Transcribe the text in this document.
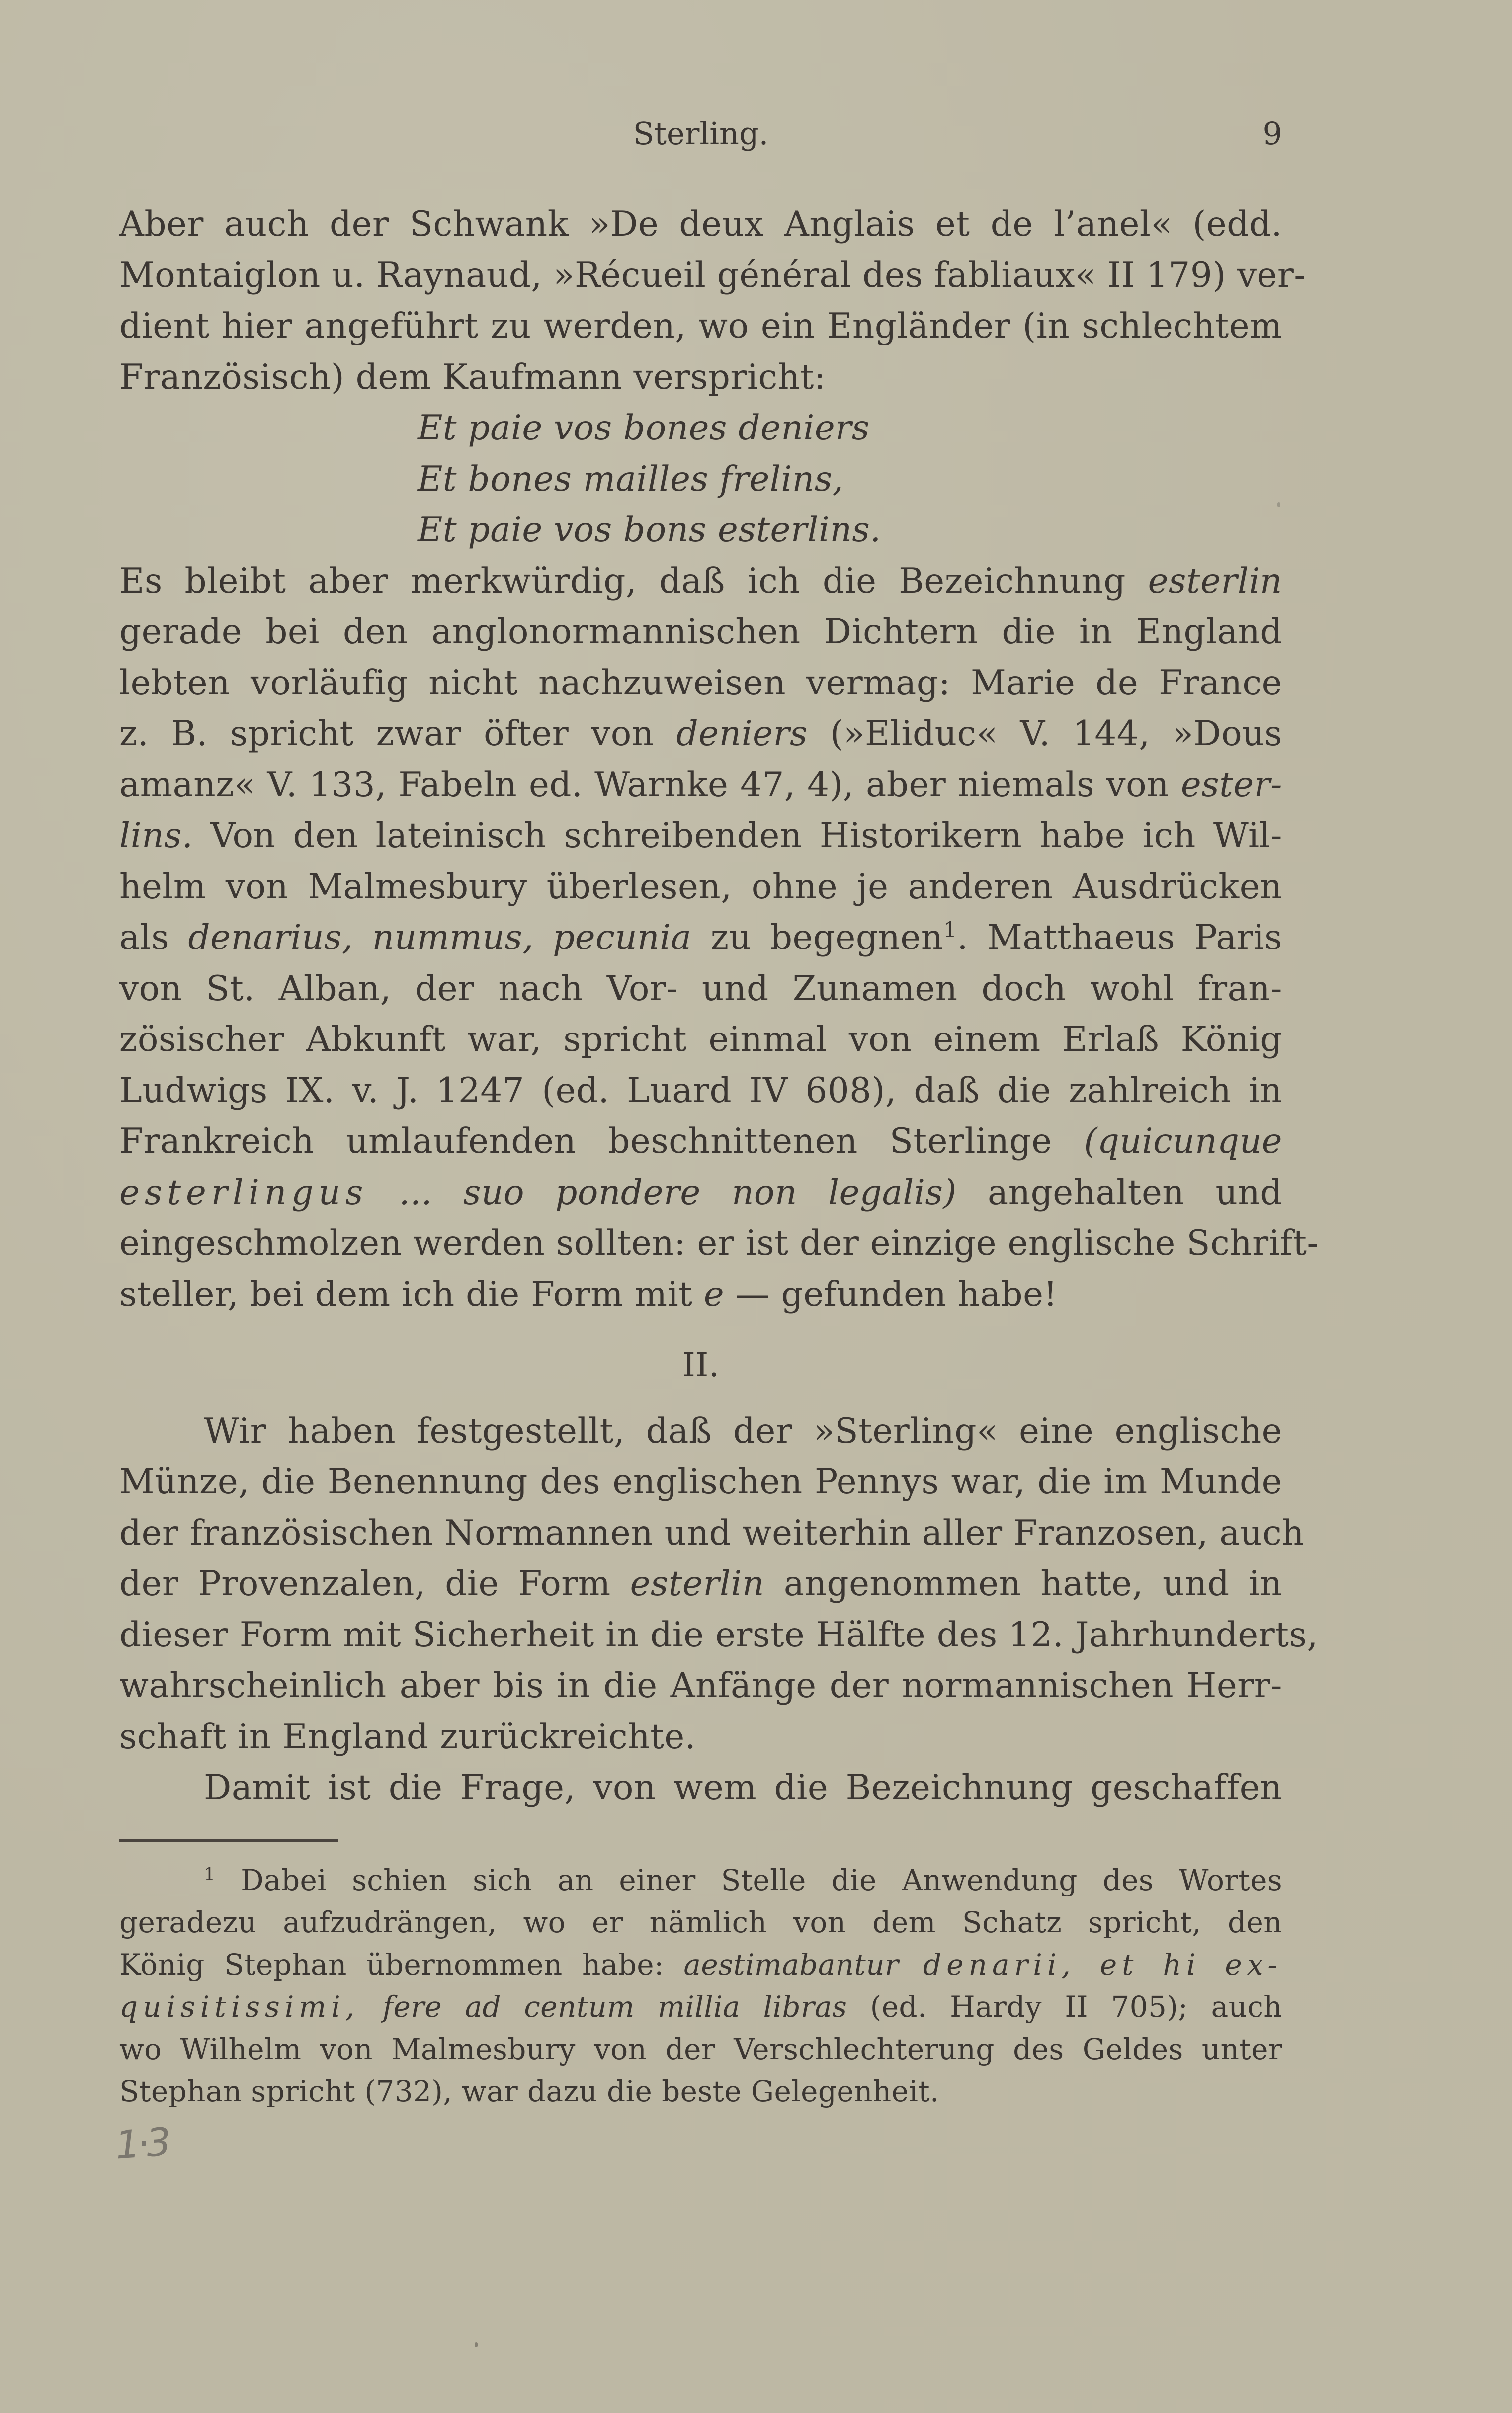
Sterling.	9
Aber auch der Schwank »De deux Anglais et de l’anel« (edd.
Montaiglon u. Raynaud, »Récueil général des fabliaux« II 179) ver-
dient hier angeführt zu werden, wo ein Engländer (in schlechtem
Französisch) dem Kaufmann verspricht:
Et paie vos bones deniers
Et bones mailles frelins,
Et paie vos bons esterlins.
Es bleibt aber merkwürdig, daß ich die Bezeichnung esterlin
gerade bei den anglonormannischen Dichtern die in England
lebten vorläufig nicht nachzuweisen vermag: Marie de France
z. B. spricht zwar öfter von deniers (»Eliduc« V. 144, »Dous
amanz« V. 133, Fabeln ed. Warnke 47, 4), aber niemals von ester-
lins. Von den lateinisch schreibenden Historikern habe ich Wil-
helm von Malmesbury überlesen, ohne je anderen Ausdrücken
als denarius, nummus, pecunia zu begegnen$^1$. Matthaeus Paris
von St. Alban, der nach Vor- und Zunamen doch wohl fran-
zösischer Abkunft war, spricht einmal von einem Erlaß König
Ludwigs IX. v. J. 1247 (ed. Luard IV 608), daß die zahlreich in
Frankreich umlaufenden beschnittenen Sterlinge (quicunque
esterlingus ... suo pondere non legalis) angehalten und
eingeschmolzen werden sollten: er ist der einzige englische Schrift-
steller, bei dem ich die Form mit e — gefunden habe!
II.
Wir haben festgestellt, daß der »Sterling« eine englische
Münze, die Benennung des englischen Pennys war, die im Munde
der französischen Normannen und weiterhin aller Franzosen, auch
der Provenzalen, die Form esterlin angenommen hatte, und in
dieser Form mit Sicherheit in die erste Hälfte des 12. Jahrhunderts,
wahrscheinlich aber bis in die Anfänge der normannischen Herr-
schaft in England zurückreichte.
Damit ist die Frage, von wem die Bezeichnung geschaffen
$^1$ Dabei schien sich an einer Stelle die Anwendung des Wortes
geradezu aufzudrängen, wo er nämlich von dem Schatz spricht, den
König Stephan übernommen habe: aestimabantur denarii, et hi ex-
quisitissimi, fere ad centum millia libras (ed. Hardy II 705); auch
wo Wilhelm von Malmesbury von der Verschlechterung des Geldes unter
Stephan spricht (732), war dazu die beste Gelegenheit.
1·3
